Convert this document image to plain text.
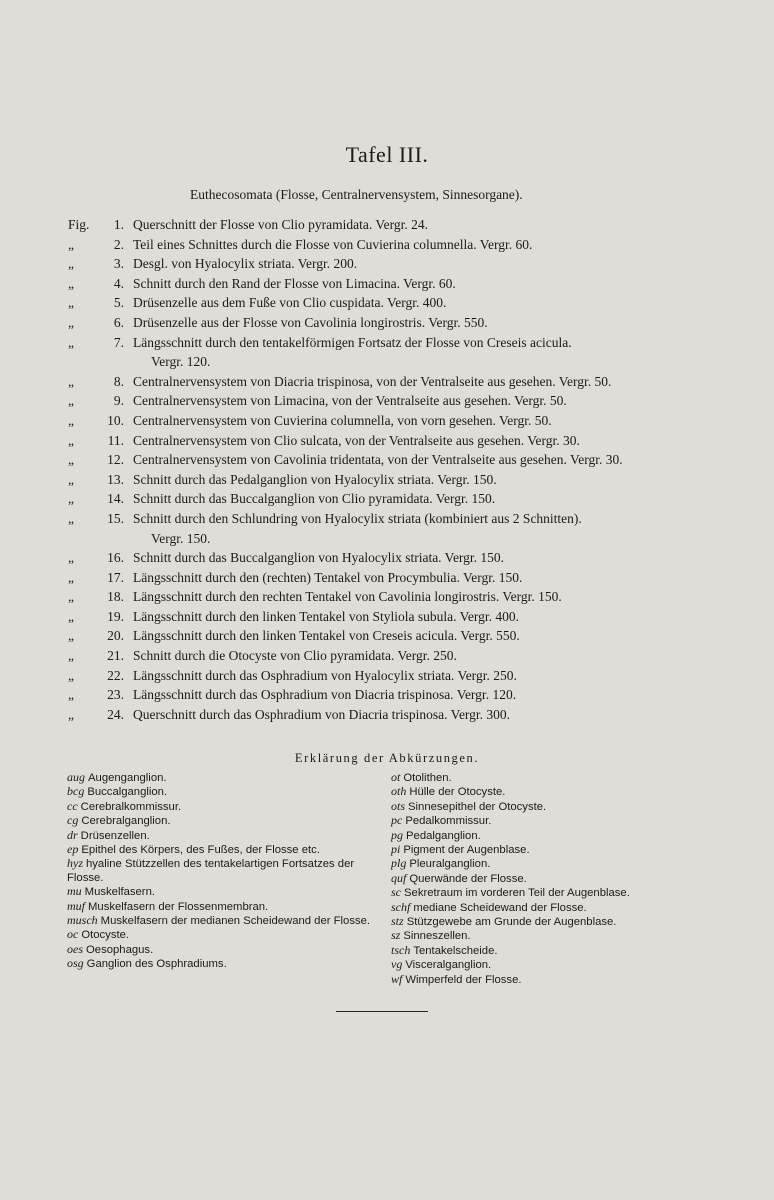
Tafel III.
Euthecosomata (Flosse, Centralnervensystem, Sinnesorgane).
Fig.	1. Querschnitt der Flosse von Clio pyramidata. Vergr. 24.
„	2. Teil eines Schnittes durch die Flosse von Cuvierina columnella. Vergr. 60.
„	3. Desgl. von Hyalocylix striata. Vergr. 200.
„	4. Schnitt durch den Rand der Flosse von Limacina. Vergr. 60.
„	5. Drüsenzelle aus dem Fuße von Clio cuspidata. Vergr. 400.
„	6. Drüsenzelle aus der Flosse von Cavolinia longirostris. Vergr. 550.
„	7. Längsschnitt durch den tentakelförmigen Fortsatz der Flosse von Creseis acicula.
Vergr. 120.
„	8. Centralnervensystem von Diacria trispinosa, von der Ventralseite aus gesehen. Vergr. 50.
„	9. Centralnervensystem von Limacina, von der Ventralseite aus gesehen. Vergr. 50.
„	10. Centralnervensystem von Cuvierina columnella, von vorn gesehen. Vergr. 50.
„	11. Centralnervensystem von Clio sulcata, von der Ventralseite aus gesehen. Vergr. 30.
„	12. Centralnervensystem von Cavolinia tridentata, von der Ventralseite aus gesehen. Vergr. 30.
„	13. Schnitt durch das Pedalganglion von Hyalocylix striata. Vergr. 150.
„	14. Schnitt durch das Buccalganglion von Clio pyramidata. Vergr. 150.
„	15. Schnitt durch den Schlundring von Hyalocylix striata (kombiniert aus 2 Schnitten).
Vergr. 150.
„	16. Schnitt durch das Buccalganglion von Hyalocylix striata. Vergr. 150.
„	17. Längsschnitt durch den (rechten) Tentakel von Procymbulia. Vergr. 150.
„	18. Längsschnitt durch den rechten Tentakel von Cavolinia longirostris. Vergr. 150.
„	19. Längsschnitt durch den linken Tentakel von Styliola subula. Vergr. 400.
„	20. Längsschnitt durch den linken Tentakel von Creseis acicula. Vergr. 550.
„	21. Schnitt durch die Otocyste von Clio pyramidata. Vergr. 250.
„	22. Längsschnitt durch das Osphradium von Hyalocylix striata. Vergr. 250.
„	23. Längsschnitt durch das Osphradium von Diacria trispinosa. Vergr. 120.
„	24. Querschnitt durch das Osphradium von Diacria trispinosa. Vergr. 300.
Erklärung der Abkürzungen.
aug Augenganglion.
bcg Buccalganglion.
cc Cerebralkommissur.
cg Cerebralganglion.
dr Drüsenzellen.
ep Epithel des Körpers, des Fußes, der Flosse etc.
hyz hyaline Stützzellen des tentakelartigen Fortsatzes der Flosse.
mu Muskelfasern.
muf Muskelfasern der Flossenmembran.
musch Muskelfasern der medianen Scheidewand der Flosse.
oc Otocyste.
oes Oesophagus.
osg Ganglion des Osphradiums.
ot Otolithen.
oth Hülle der Otocyste.
ots Sinnesepithel der Otocyste.
pc Pedalkommissur.
pg Pedalganglion.
pi Pigment der Augenblase.
plg Pleuralganglion.
quf Querwände der Flosse.
sc Sekretraum im vorderen Teil der Augenblase.
schf mediane Scheidewand der Flosse.
stz Stützgewebe am Grunde der Augenblase.
sz Sinneszellen.
tsch Tentakelscheide.
vg Visceralganglion.
wf Wimperfeld der Flosse.
